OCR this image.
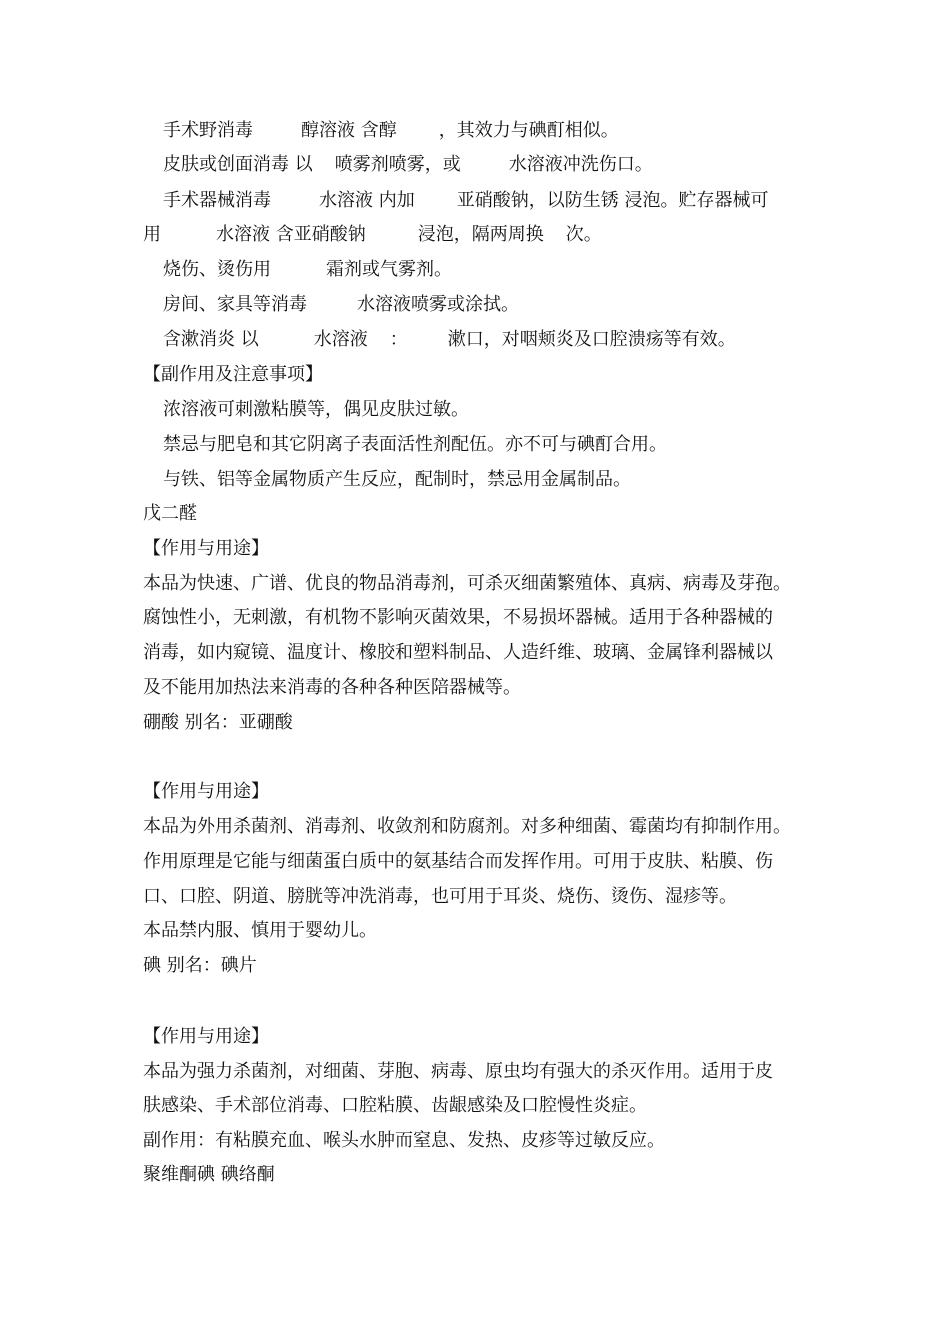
手术野消毒	醇溶液 含醇 ，其效力与碘酊相似。
皮肤或创面消毒 以 喷雾剂喷雾，或	水溶液冲洗伤口。
手术器械消毒	水溶液 内加 亚硝酸钠，以防生锈 浸泡。贮存器械可
用	水溶液 含亚硝酸钠	浸泡，隔两周换 次。
烧伤、烫伤用	霜剂或气雾剂。
房间、家具等消毒	水溶液喷雾或涂拭。
含漱消炎 以	水溶液 ： 漱口，对咽颊炎及口腔溃疡等有效。
【副作用及注意事项】
浓溶液可刺激粘膜等，偶见皮肤过敏。
禁忌与肥皂和其它阴离子表面活性剂配伍。亦不可与碘酊合用。
与铁、铝等金属物质产生反应，配制时，禁忌用金属制品。
戊二醛
【作用与用途】
本品为快速、广谱、优良的物品消毒剂，可杀灭细菌繁殖体、真病、病毒及芽孢。
腐蚀性小，无刺激，有机物不影响灭菌效果，不易损坏器械。适用于各种器械的
消毒，如内窥镜、温度计、橡胶和塑料制品、人造纤维、玻璃、金属锋利器械以
及不能用加热法来消毒的各种各种医陪器械等。
硼酸 别名：亚硼酸
【作用与用途】
本品为外用杀菌剂、消毒剂、收敛剂和防腐剂。对多种细菌、霉菌均有抑制作用。
作用原理是它能与细菌蛋白质中的氨基结合而发挥作用。可用于皮肤、粘膜、伤
口、口腔、阴道、膀胱等冲洗消毒，也可用于耳炎、烧伤、烫伤、湿疹等。
本品禁内服、慎用于婴幼儿。
碘 别名：碘片
【作用与用途】
本品为强力杀菌剂，对细菌、芽胞、病毒、原虫均有强大的杀灭作用。适用于皮
肤感染、手术部位消毒、口腔粘膜、齿龈感染及口腔慢性炎症。
副作用：有粘膜充血、喉头水肿而窒息、发热、皮疹等过敏反应。
聚维酮碘 碘络酮
